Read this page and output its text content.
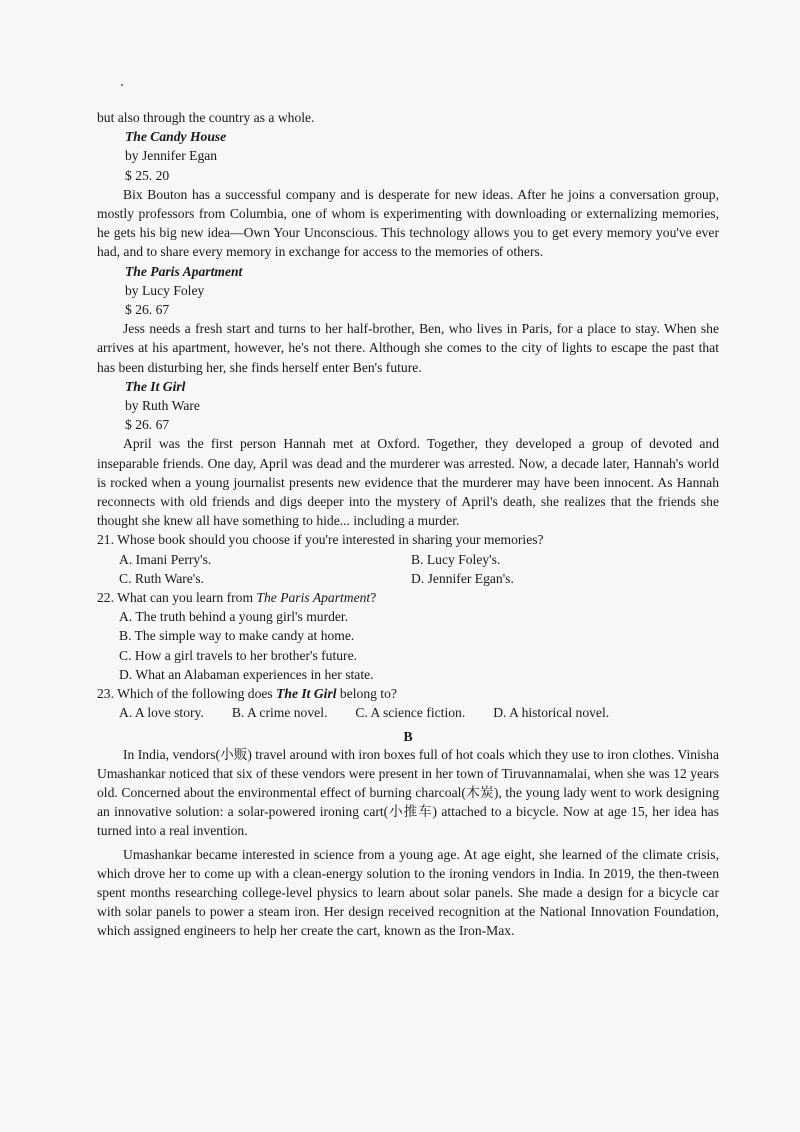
but also through the country as a whole.

The Candy House

by Jennifer Egan

$ 25. 20

Bix Bouton has a successful company and is desperate for new ideas. After he joins a conversation group, mostly professors from Columbia, one of whom is experimenting with downloading or externalizing memories, he gets his big new idea—Own Your Unconscious. This technology allows you to get every memory you've ever had, and to share every memory in exchange for access to the memories of others.

The Paris Apartment

by Lucy Foley

$ 26. 67

Jess needs a fresh start and turns to her half-brother, Ben, who lives in Paris, for a place to stay. When she arrives at his apartment, however, he's not there. Although she comes to the city of lights to escape the past that has been disturbing her, she finds herself enter Ben's future.

The It Girl

by Ruth Ware

$ 26. 67

April was the first person Hannah met at Oxford. Together, they developed a group of devoted and inseparable friends. One day, April was dead and the murderer was arrested. Now, a decade later, Hannah's world is rocked when a young journalist presents new evidence that the murderer may have been innocent. As Hannah reconnects with old friends and digs deeper into the mystery of April's death, she realizes that the friends she thought she knew all have something to hide... including a murder.

21. Whose book should you choose if you're interested in sharing your memories?

A. Imani Perry's.	B. Lucy Foley's.
C. Ruth Ware's.	D. Jennifer Egan's.

22. What can you learn from The Paris Apartment?

A. The truth behind a young girl's murder.

B. The simple way to make candy at home.

C. How a girl travels to her brother's future.

D. What an Alabaman experiences in her state.

23. Which of the following does The It Girl belong to?

A. A love story. B. A crime novel. C. A science fiction. D. A historical novel.

B

In India, vendors(小贩) travel around with iron boxes full of hot coals which they use to iron clothes. Vinisha Umashankar noticed that six of these vendors were present in her town of Tiruvannamalai, when she was 12 years old. Concerned about the environmental effect of burning charcoal(木炭), the young lady went to work designing an innovative solution: a solar-powered ironing cart(小推车) attached to a bicycle. Now at age 15, her idea has turned into a real invention.

Umashankar became interested in science from a young age. At age eight, she learned of the climate crisis, which drove her to come up with a clean-energy solution to the ironing vendors in India. In 2019, the then-tween spent months researching college-level physics to learn about solar panels. She made a design for a bicycle car with solar panels to power a steam iron. Her design received recognition at the National Innovation Foundation, which assigned engineers to help her create the cart, known as the Iron-Max.
